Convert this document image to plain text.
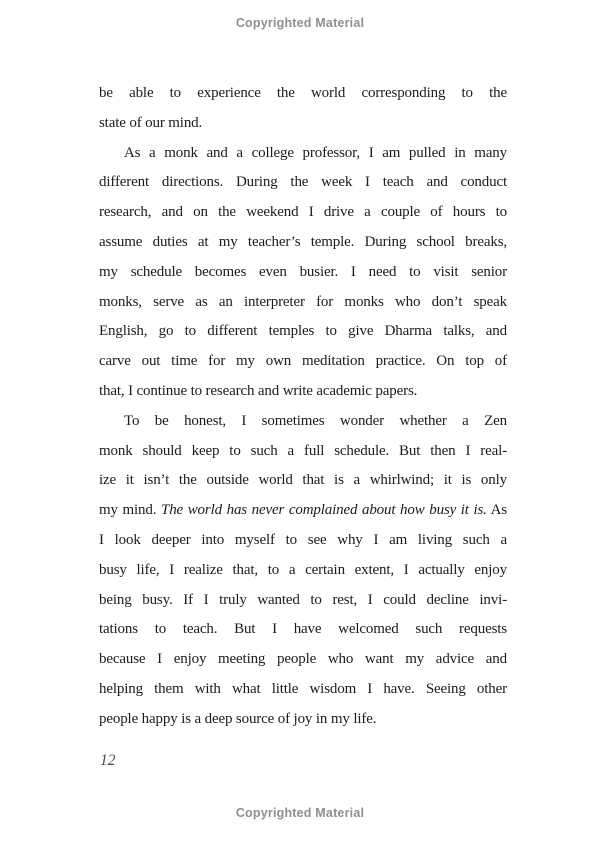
Copyrighted Material
be able to experience the world corresponding to the
state of our mind.
As a monk and a college professor, I am pulled in many
different directions. During the week I teach and conduct
research, and on the weekend I drive a couple of hours to
assume duties at my teacher’s temple. During school breaks,
my schedule becomes even busier. I need to visit senior
monks, serve as an interpreter for monks who don’t speak
English, go to different temples to give Dharma talks, and
carve out time for my own meditation practice. On top of
that, I continue to research and write academic papers.
To be honest, I sometimes wonder whether a Zen
monk should keep to such a full schedule. But then I real-
ize it isn’t the outside world that is a whirlwind; it is only
my mind. The world has never complained about how busy it is. As
I look deeper into myself to see why I am living such a
busy life, I realize that, to a certain extent, I actually enjoy
being busy. If I truly wanted to rest, I could decline invi-
tations to teach. But I have welcomed such requests
because I enjoy meeting people who want my advice and
helping them with what little wisdom I have. Seeing other
people happy is a deep source of joy in my life.
12
Copyrighted Material
